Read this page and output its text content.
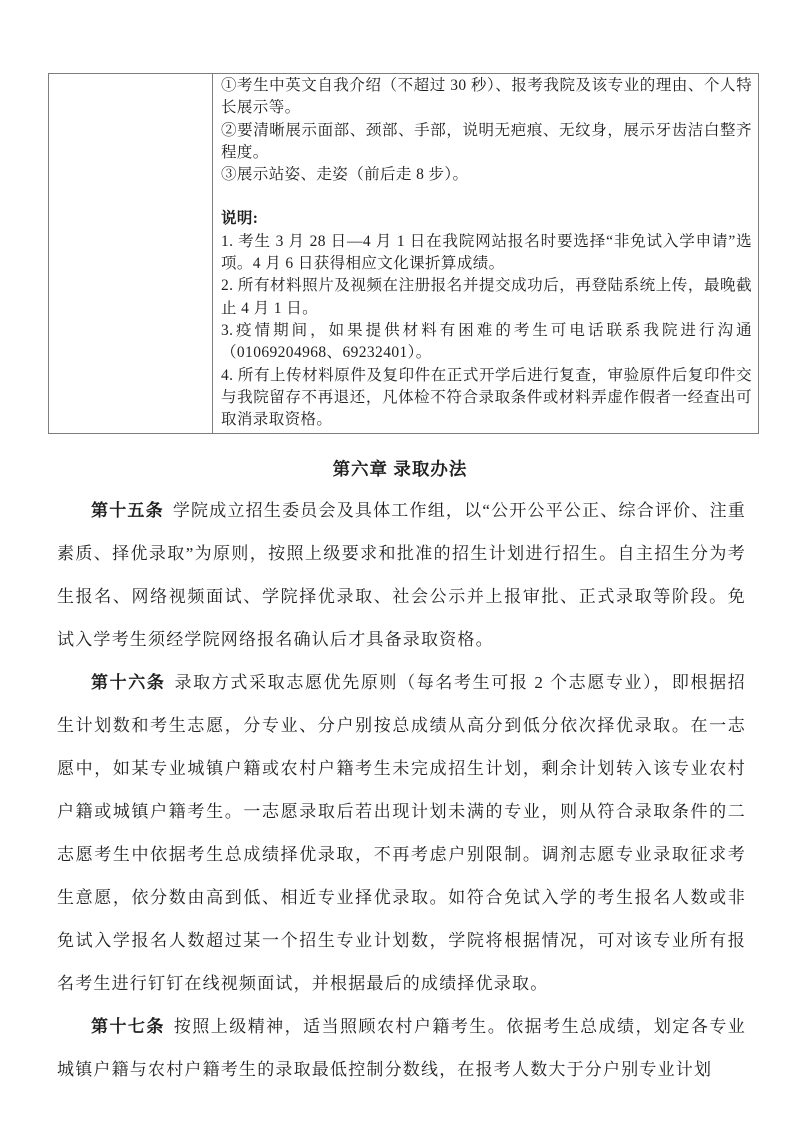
①考生中英文自我介绍（不超过 30 秒）、报考我院及该专业的理由、个人特长展示等。

②要清晰展示面部、颈部、手部，说明无疤痕、无纹身，展示牙齿洁白整齐程度。

③展示站姿、走姿（前后走 8 步）。

说明:

1. 考生 3 月 28 日—4 月 1 日在我院网站报名时要选择“非免试入学申请”选项。4 月 6 日获得相应文化课折算成绩。

2. 所有材料照片及视频在注册报名并提交成功后，再登陆系统上传，最晚截止 4 月 1 日。

3.疫情期间，如果提供材料有困难的考生可电话联系我院进行沟通（01069204968、69232401）。

4. 所有上传材料原件及复印件在正式开学后进行复查，审验原件后复印件交与我院留存不再退还，凡体检不符合录取条件或材料弄虚作假者一经查出可取消录取资格。

第六章 录取办法

第十五条 学院成立招生委员会及具体工作组，以“公开公平公正、综合评价、注重素质、择优录取”为原则，按照上级要求和批准的招生计划进行招生。自主招生分为考生报名、网络视频面试、学院择优录取、社会公示并上报审批、正式录取等阶段。免试入学考生须经学院网络报名确认后才具备录取资格。

第十六条 录取方式采取志愿优先原则（每名考生可报 2 个志愿专业），即根据招生计划数和考生志愿，分专业、分户别按总成绩从高分到低分依次择优录取。在一志愿中，如某专业城镇户籍或农村户籍考生未完成招生计划，剩余计划转入该专业农村户籍或城镇户籍考生。一志愿录取后若出现计划未满的专业，则从符合录取条件的二志愿考生中依据考生总成绩择优录取，不再考虑户别限制。调剂志愿专业录取征求考生意愿，依分数由高到低、相近专业择优录取。如符合免试入学的考生报名人数或非免试入学报名人数超过某一个招生专业计划数，学院将根据情况，可对该专业所有报名考生进行钉钉在线视频面试，并根据最后的成绩择优录取。

第十七条 按照上级精神，适当照顾农村户籍考生。依据考生总成绩，划定各专业城镇户籍与农村户籍考生的录取最低控制分数线，在报考人数大于分户别专业计划
